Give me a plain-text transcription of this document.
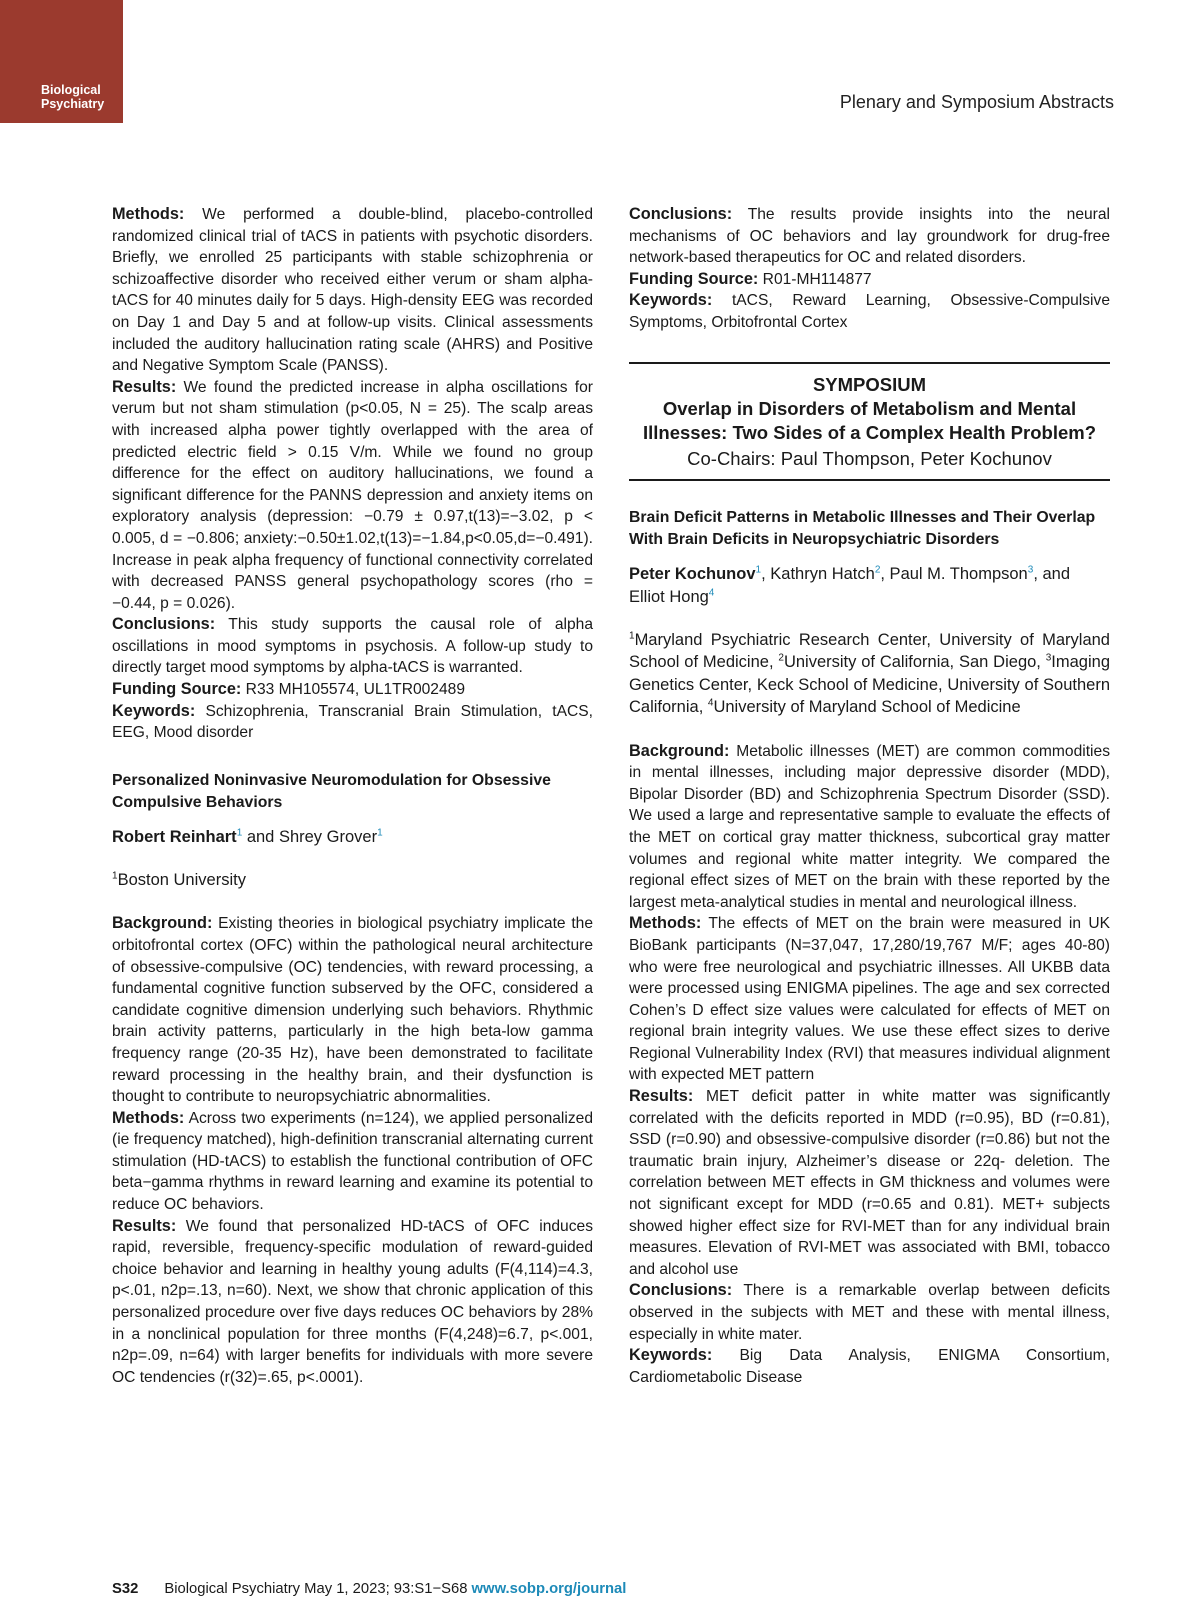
Biological
Psychiatry	Plenary and Symposium Abstracts

Methods: We performed a double-blind, placebo-controlled randomized clinical trial of tACS in patients with psychotic disorders. Briefly, we enrolled 25 participants with stable schizophrenia or schizoaffective disorder who received either verum or sham alpha-tACS for 40 minutes daily for 5 days. High-density EEG was recorded on Day 1 and Day 5 and at follow-up visits. Clinical assessments included the auditory hallucination rating scale (AHRS) and Positive and Negative Symptom Scale (PANSS).

Results: We found the predicted increase in alpha oscillations for verum but not sham stimulation (p<0.05, N = 25). The scalp areas with increased alpha power tightly overlapped with the area of predicted electric field > 0.15 V/m. While we found no group difference for the effect on auditory hallucinations, we found a significant difference for the PANNS depression and anxiety items on exploratory analysis (depression: −0.79 ± 0.97,t(13)=−3.02, p < 0.005, d = −0.806; anxiety:−0.50±1.02,t(13)=−1.84,p<0.05,d=−0.491). Increase in peak alpha frequency of functional connectivity correlated with decreased PANSS general psychopathology scores (rho = −0.44, p = 0.026).

Conclusions: This study supports the causal role of alpha oscillations in mood symptoms in psychosis. A follow-up study to directly target mood symptoms by alpha-tACS is warranted.

Funding Source: R33 MH105574, UL1TR002489

Keywords: Schizophrenia, Transcranial Brain Stimulation, tACS, EEG, Mood disorder

Personalized Noninvasive Neuromodulation for Obsessive Compulsive Behaviors
Robert Reinhart$^1$ and Shrey Grover$^1$
$^1$Boston University

Background: Existing theories in biological psychiatry implicate the orbitofrontal cortex (OFC) within the pathological neural architecture of obsessive-compulsive (OC) tendencies, with reward processing, a fundamental cognitive function subserved by the OFC, considered a candidate cognitive dimension underlying such behaviors. Rhythmic brain activity patterns, particularly in the high beta-low gamma frequency range (20-35 Hz), have been demonstrated to facilitate reward processing in the healthy brain, and their dysfunction is thought to contribute to neuropsychiatric abnormalities.

Methods: Across two experiments (n=124), we applied personalized (ie frequency matched), high-definition transcranial alternating current stimulation (HD-tACS) to establish the functional contribution of OFC beta−gamma rhythms in reward learning and examine its potential to reduce OC behaviors.

Results: We found that personalized HD-tACS of OFC induces rapid, reversible, frequency-specific modulation of reward-guided choice behavior and learning in healthy young adults (F(4,114)=4.3, p<.01, n2p=.13, n=60). Next, we show that chronic application of this personalized procedure over five days reduces OC behaviors by 28% in a nonclinical population for three months (F(4,248)=6.7, p<.001, n2p=.09, n=64) with larger benefits for individuals with more severe OC tendencies (r(32)=.65, p<.0001).

Conclusions: The results provide insights into the neural mechanisms of OC behaviors and lay groundwork for drug-free network-based therapeutics for OC and related disorders.

Funding Source: R01-MH114877

Keywords: tACS, Reward Learning, Obsessive-Compulsive Symptoms, Orbitofrontal Cortex

SYMPOSIUM
Overlap in Disorders of Metabolism and Mental Illnesses: Two Sides of a Complex Health Problem?
Co-Chairs: Paul Thompson, Peter Kochunov
Brain Deficit Patterns in Metabolic Illnesses and Their Overlap With Brain Deficits in Neuropsychiatric Disorders
Peter Kochunov$^1$, Kathryn Hatch$^2$, Paul M. Thompson$^3$, and Elliot Hong$^4$
$^1$Maryland Psychiatric Research Center, University of Maryland School of Medicine, $^2$University of California, San Diego, $^3$Imaging Genetics Center, Keck School of Medicine, University of Southern California, $^4$University of Maryland School of Medicine

Background: Metabolic illnesses (MET) are common commodities in mental illnesses, including major depressive disorder (MDD), Bipolar Disorder (BD) and Schizophrenia Spectrum Disorder (SSD). We used a large and representative sample to evaluate the effects of the MET on cortical gray matter thickness, subcortical gray matter volumes and regional white matter integrity. We compared the regional effect sizes of MET on the brain with these reported by the largest meta-analytical studies in mental and neurological illness.

Methods: The effects of MET on the brain were measured in UK BioBank participants (N=37,047, 17,280/19,767 M/F; ages 40-80) who were free neurological and psychiatric illnesses. All UKBB data were processed using ENIGMA pipelines. The age and sex corrected Cohen’s D effect size values were calculated for effects of MET on regional brain integrity values. We use these effect sizes to derive Regional Vulnerability Index (RVI) that measures individual alignment with expected MET pattern

Results: MET deficit patter in white matter was significantly correlated with the deficits reported in MDD (r=0.95), BD (r=0.81), SSD (r=0.90) and obsessive-compulsive disorder (r=0.86) but not the traumatic brain injury, Alzheimer’s disease or 22q- deletion. The correlation between MET effects in GM thickness and volumes were not significant except for MDD (r=0.65 and 0.81). MET+ subjects showed higher effect size for RVI-MET than for any individual brain measures. Elevation of RVI-MET was associated with BMI, tobacco and alcohol use

Conclusions: There is a remarkable overlap between deficits observed in the subjects with MET and these with mental illness, especially in white mater.

Keywords: Big Data Analysis, ENIGMA Consortium, Cardiometabolic Disease

S32 Biological Psychiatry May 1, 2023; 93:S1−S68 www.sobp.org/journal
